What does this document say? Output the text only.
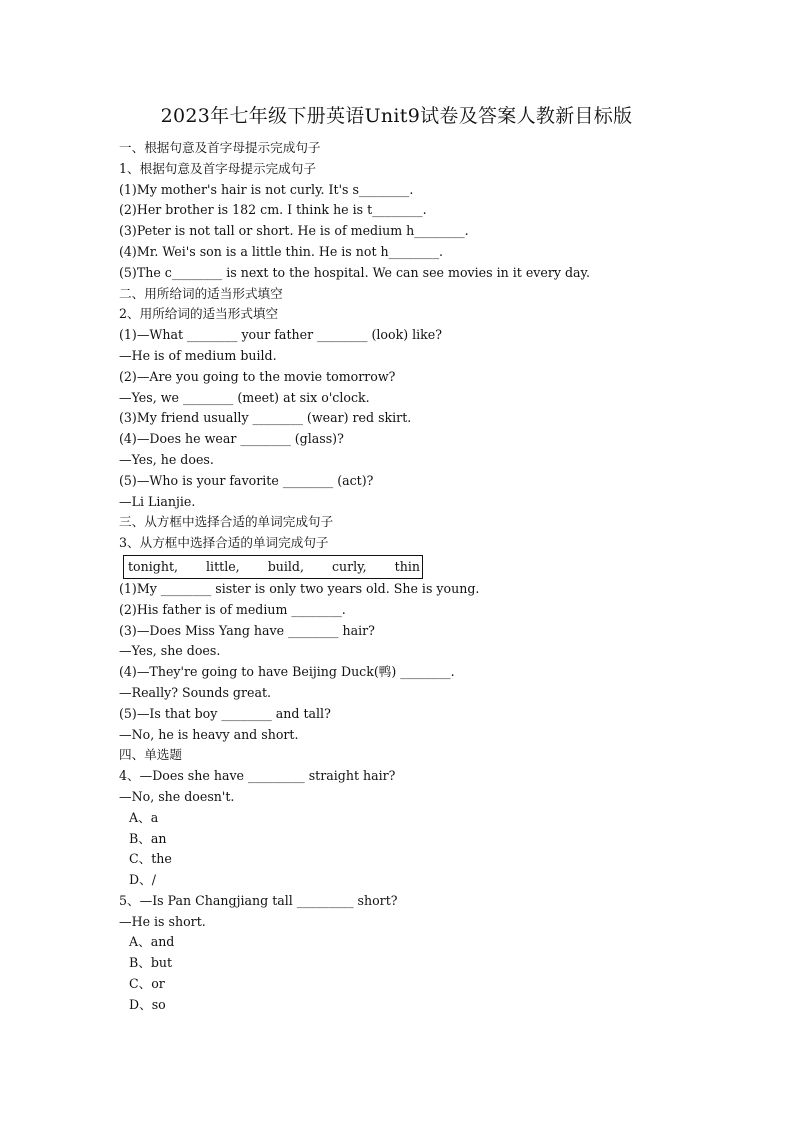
2023年七年级下册英语Unit9试卷及答案人教新目标版
一、根据句意及首字母提示完成句子
1、根据句意及首字母提示完成句子
(1)My mother's hair is not curly. It's s________.
(2)Her brother is 182 cm. I think he is t________.
(3)Peter is not tall or short. He is of medium h________.
(4)Mr. Wei's son is a little thin. He is not h________.
(5)The c________ is next to the hospital. We can see movies in it every day.
二、用所给词的适当形式填空
2、用所给词的适当形式填空
(1)—What ________ your father ________ (look) like?
—He is of medium build.
(2)—Are you going to the movie tomorrow?
—Yes, we ________ (meet) at six o'clock.
(3)My friend usually ________ (wear) red skirt.
(4)—Does he wear ________ (glass)?
—Yes, he does.
(5)—Who is your favorite ________ (act)?
—Li Lianjie.
三、从方框中选择合适的单词完成句子
3、从方框中选择合适的单词完成句子
tonight,  little,  build,  curly,  thin
(1)My ________ sister is only two years old. She is young.
(2)His father is of medium ________.
(3)—Does Miss Yang have ________ hair?
—Yes, she does.
(4)—They're going to have Beijing Duck(鸭) ________.
—Really? Sounds great.
(5)—Is that boy ________ and tall?
—No, he is heavy and short.
四、单选题
4、—Does she have _________ straight hair?
—No, she doesn't.
A、a
B、an
C、the
D、/
5、—Is Pan Changjiang tall _________ short?
—He is short.
A、and
B、but
C、or
D、so
